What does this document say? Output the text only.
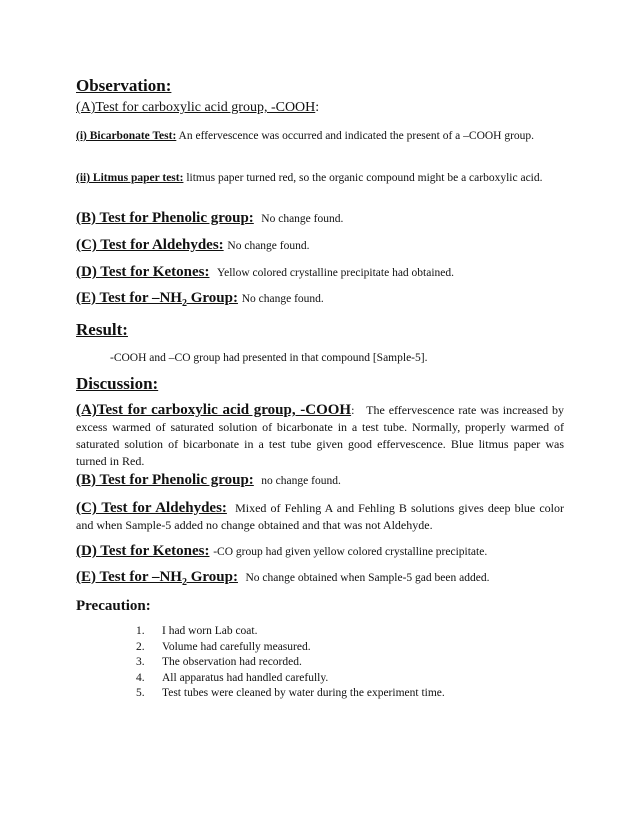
Observation:
(A)Test for carboxylic acid group, -COOH:
(i) Bicarbonate Test: An effervescence was occurred and indicated the present of a –COOH group.
(ii) Litmus paper test: litmus paper turned red, so the organic compound might be a carboxylic acid.
(B) Test for Phenolic group: No change found.
(C) Test for Aldehydes: No change found.
(D) Test for Ketones: Yellow colored crystalline precipitate had obtained.
(E) Test for $-NH_2$ Group: No change found.
Result:
-COOH and –CO group had presented in that compound [Sample-5].
Discussion:
(A)Test for carboxylic acid group, -COOH: The effervescence rate was increased by excess warmed of saturated solution of bicarbonate in a test tube. Normally, properly warmed of saturated solution of bicarbonate in a test tube given good effervescence. Blue litmus paper was turned in Red.
(B) Test for Phenolic group: no change found.
(C) Test for Aldehydes: Mixed of Fehling A and Fehling B solutions gives deep blue color and when Sample-5 added no change obtained and that was not Aldehyde.
(D) Test for Ketones: -CO group had given yellow colored crystalline precipitate.
(E) Test for $-NH_2$ Group: No change obtained when Sample-5 gad been added.
Precaution:
1.	I had worn Lab coat.
2.	Volume had carefully measured.
3.	The observation had recorded.
4.	All apparatus had handled carefully.
5.	Test tubes were cleaned by water during the experiment time.
